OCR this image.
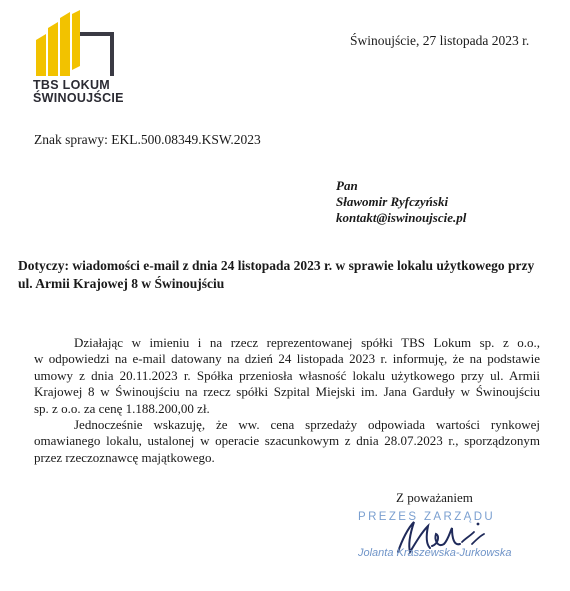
TBS LOKUM
ŚWINOUJŚCIE
Świnoujście, 27 listopada 2023 r.
Znak sprawy: EKL.500.08349.KSW.2023
Pan
Sławomir Ryfczyński
kontakt@iswinoujscie.pl

Dotyczy: wiadomości e-mail z dnia 24 listopada 2023 r. w sprawie lokalu użytkowego przy

ul. Armii Krajowej 8 w Świnoujściu

Działając w imieniu i na rzecz reprezentowanej spółki TBS Lokum sp. z o.o.,
w odpowiedzi na e-mail datowany na dzień 24 listopada 2023 r. informuję, że na podstawie
umowy z dnia 20.11.2023 r. Spółka przeniosła własność lokalu użytkowego przy ul. Armii
Krajowej 8 w Świnoujściu na rzecz spółki Szpital Miejski im. Jana Garduły w Świnoujściu
sp. z o.o. za cenę 1.188.200,00 zł.

Jednocześnie wskazuję, że ww. cena sprzedaży odpowiada wartości rynkowej
omawianego lokalu, ustalonej w operacie szacunkowym z dnia 28.07.2023 r., sporządzonym
przez rzeczoznawcę majątkowego.

Z poważaniem
PREZES ZARZĄDU
Jolanta Kraszewska-Jurkowska
